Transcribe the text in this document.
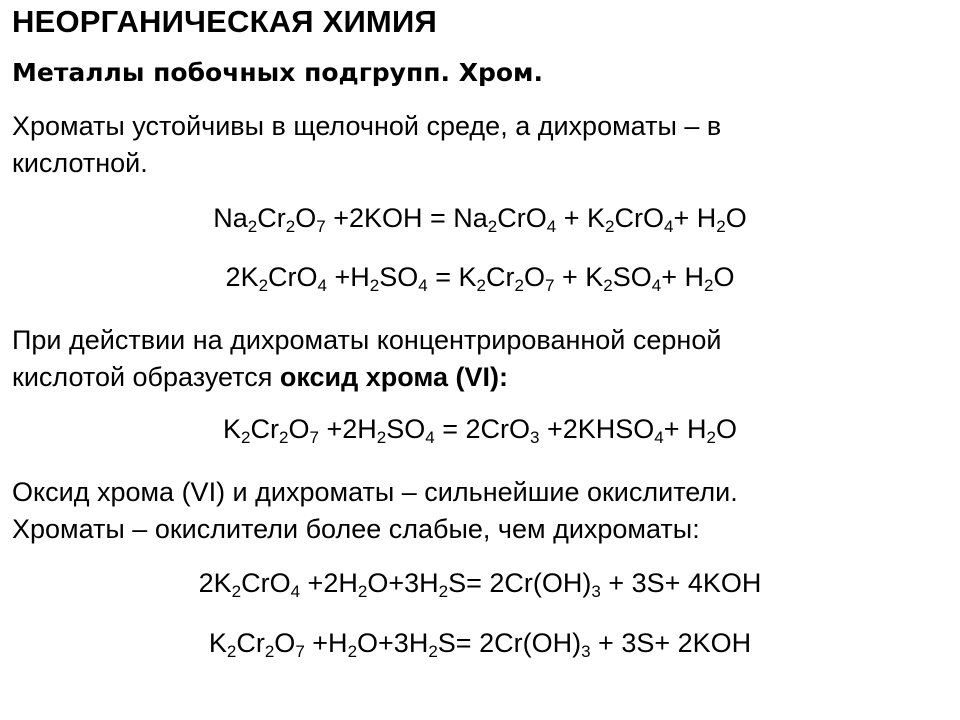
НЕОРГАНИЧЕСКАЯ ХИМИЯ
Металлы побочных подгрупп. Хром.
Хроматы устойчивы в щелочной среде, а дихроматы – в
кислотной.
$Na_2Cr_2O_7 +2KOH = Na_2CrO_4 + K_2CrO_4+ H_2O$
$2K_2CrO_4 +H_2SO_4 = K_2Cr_2O_7 + K_2SO_4+ H_2O$
При действии на дихроматы концентрированной серной
кислотой образуется оксид хрома (VI):
$K_2Cr_2O_7 +2H_2SO_4 = 2CrO_3$ $+2KHSO_4+ H_2O$
Оксид хрома (VI) и дихроматы – сильнейшие окислители.
Хроматы – окислители более слабые, чем дихроматы:
$2K_2CrO_4 +2H_2O+3H_2S= 2Cr(OH)_3 + 3S+ 4KOH$
$K_2Cr_2O_7 +H_2O+3H_2S= 2Cr(OH)_3 + 3S+ 2KOH$
